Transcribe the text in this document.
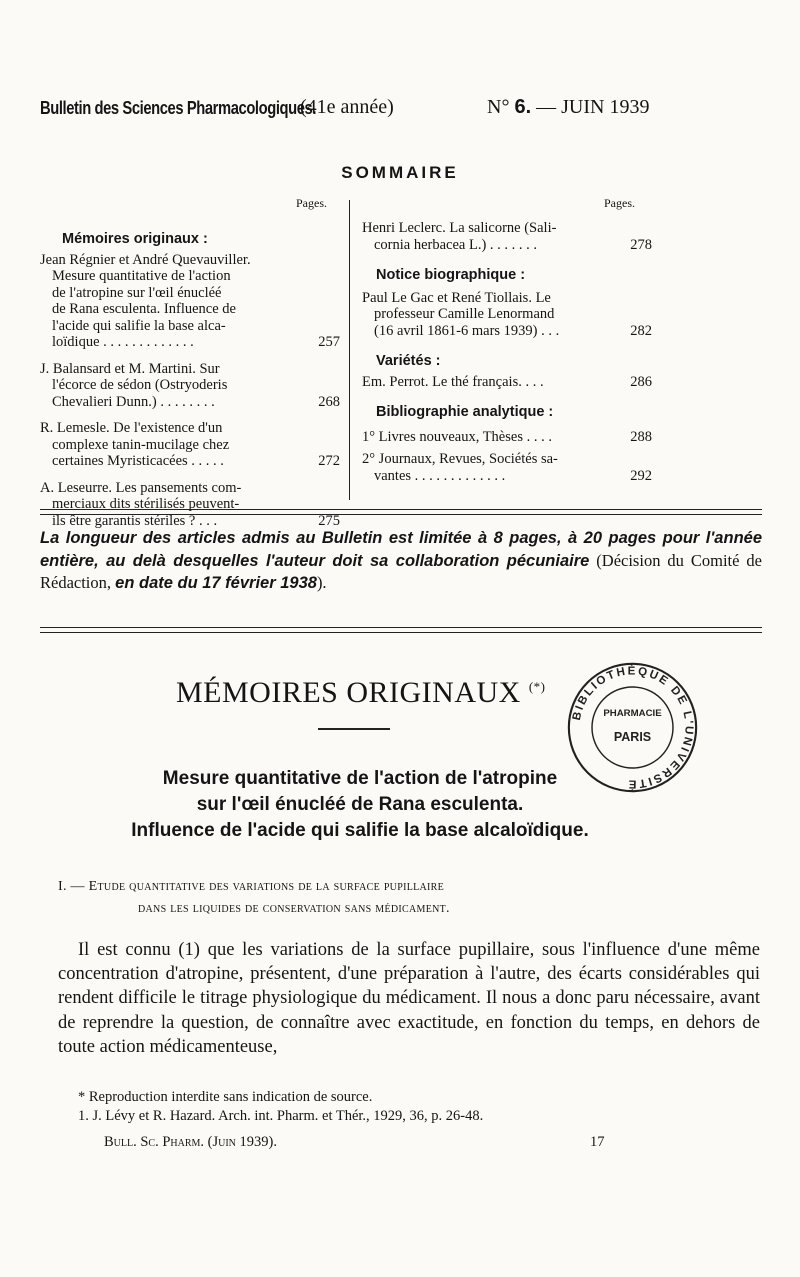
Bulletin des Sciences Pharmacologiques.
(41e année)	N° 6. — JUIN 1939
SOMMAIRE
Pages.	Pages.
Mémoires originaux :
Jean Régnier et André Quevauviller.
Mesure quantitative de l'action
de l'atropine sur l'œil énucléé
de Rana esculenta. Influence de
l'acide qui salifie la base alca-
loïdique . . . . . . . . . . . . .	257
J. Balansard et M. Martini. Sur
l'écorce de sédon (Ostryoderis
Chevalieri Dunn.) . . . . . . . .	268
R. Lemesle. De l'existence d'un
complexe tanin-mucilage chez
certaines Myristicacées . . . . .	272
A. Leseurre. Les pansements com-
merciaux dits stérilisés peuvent-
ils être garantis stériles ? . . .	275
Henri Leclerc. La salicorne (Sali-
cornia herbacea L.) . . . . . . .	278
Notice biographique :
Paul Le Gac et René Tiollais. Le
professeur Camille Lenormand
(16 avril 1861-6 mars 1939) . . .	282
Variétés :
Em. Perrot. Le thé français. . . .	286
Bibliographie analytique :
1° Livres nouveaux, Thèses . . . .	288
2° Journaux, Revues, Sociétés sa-
vantes . . . . . . . . . . . . .	292
La longueur des articles admis au Bulletin est limitée à 8 pages, à 20 pages pour l'année entière, au delà desquelles l'auteur doit sa collaboration pécuniaire (Décision du Comité de Rédaction, en date du 17 février 1938).
MÉMOIRES ORIGINAUX (*)
BIBLIOTHÈQUE DE L'UNIVERSITÉ
PHARMACIE
PARIS
Mesure quantitative de l'action de l'atropine
sur l'œil énucléé de Rana esculenta.
Influence de l'acide qui salifie la base alcaloïdique.
I. — Etude quantitative des variations de la surface pupillaire
dans les liquides de conservation sans médicament.
Il est connu (1) que les variations de la surface pupillaire, sous l'influence d'une même concentration d'atropine, présentent, d'une préparation à l'autre, des écarts considérables qui rendent difficile le titrage physiologique du médicament. Il nous a donc paru nécessaire, avant de reprendre la question, de connaître avec exactitude, en fonction du temps, en dehors de toute action médicamenteuse,
* Reproduction interdite sans indication de source.
1. J. Lévy et R. Hazard. Arch. int. Pharm. et Thér., 1929, 36, p. 26-48.
Bull. Sc. Pharm. (Juin 1939).	17
